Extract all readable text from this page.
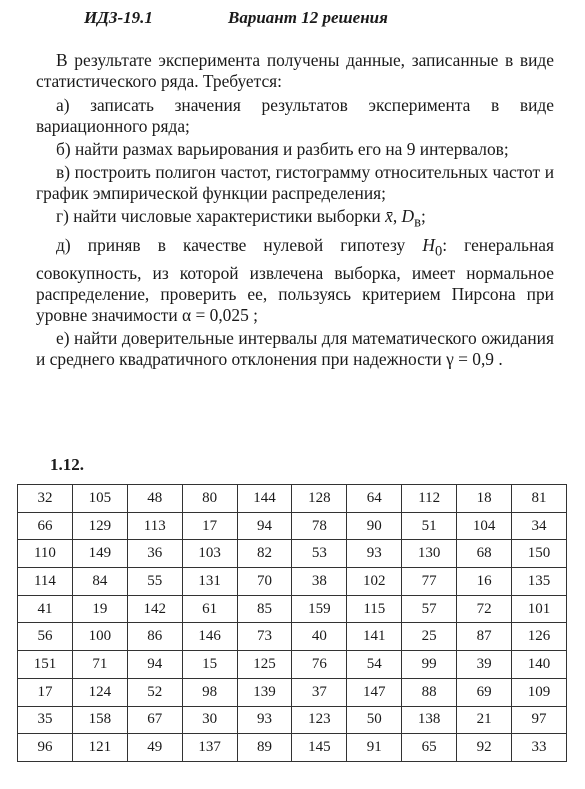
ИДЗ-19.1	Вариант 12 решения

В результате эксперимента получены данные, записанные в виде статистического ряда. Требуется:

а) записать значения результатов эксперимента в виде вариационного ряда;

б) найти размах варьирования и разбить его на 9 интервалов;

в) построить полигон частот, гистограмму относительных частот и график эмпирической функции распределения;

г) найти числовые характеристики выборки x̄, $D_в$;

д) приняв в качестве нулевой гипотезу $H_0$: генеральная совокупность, из которой извлечена выборка, имеет нормальное распределение, проверить ее, пользуясь критерием Пирсона при уровне значимости α = 0,025 ;

е) найти доверительные интервалы для математического ожидания и среднего квадратичного отклонения при надежности γ = 0,9 .

1.12.
32	105	48	80	144	128	64	112	18	81
66	129	113	17	94	78	90	51	104	34
110	149	36	103	82	53	93	130	68	150
114	84	55	131	70	38	102	77	16	135
41	19	142	61	85	159	115	57	72	101
56	100	86	146	73	40	141	25	87	126
151	71	94	15	125	76	54	99	39	140
17	124	52	98	139	37	147	88	69	109
35	158	67	30	93	123	50	138	21	97
96	121	49	137	89	145	91	65	92	33
